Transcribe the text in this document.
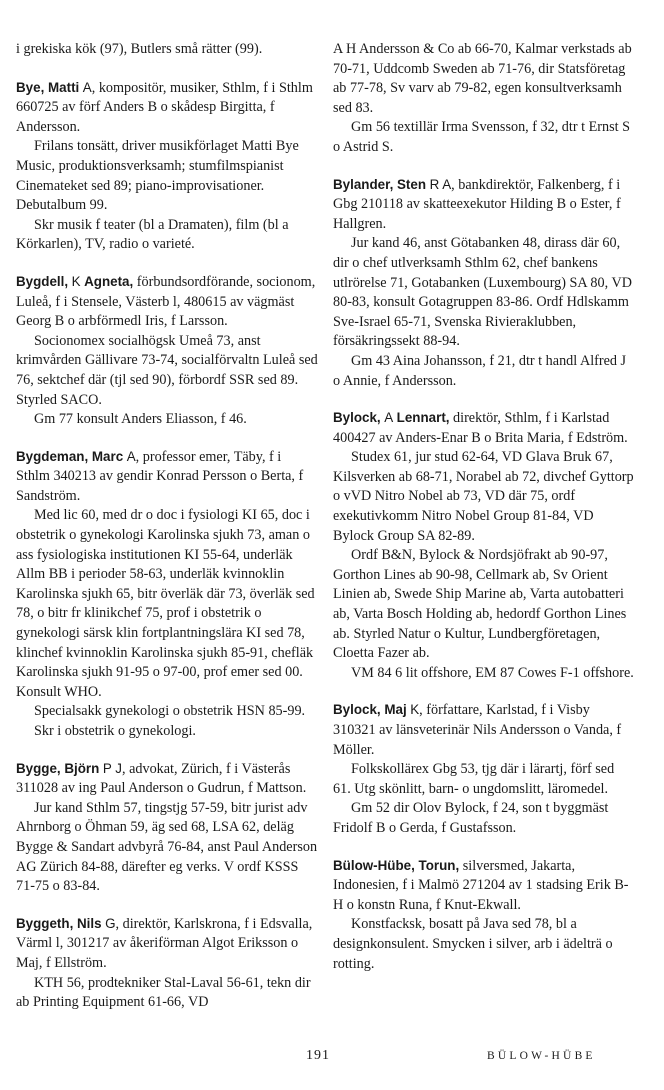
i grekiska kök (97), Butlers små rätter (99).

Bye, Matti A, kompositör, musiker, Sthlm, f i Sthlm 660725 av förf Anders B o skådesp Birgitta, f Andersson.

Frilans tonsätt, driver musikförlaget Matti Bye Music, produktionsverksamh; stumfilmspianist Cinemateket sed 89; piano-improvisationer. Debutalbum 99.

Skr musik f teater (bl a Dramaten), film (bl a Körkarlen), TV, radio o varieté.

Bygdell, K Agneta, förbundsordförande, socionom, Luleå, f i Stensele, Västerb l, 480615 av vägmäst Georg B o arbförmedl Iris, f Larsson.

Socionomex socialhögsk Umeå 73, anst krimvården Gällivare 73-74, socialförvaltn Luleå sed 76, sektchef där (tjl sed 90), förbordf SSR sed 89. Styrled SACO.

Gm 77 konsult Anders Eliasson, f 46.

Bygdeman, Marc A, professor emer, Täby, f i Sthlm 340213 av gendir Konrad Persson o Berta, f Sandström.

Med lic 60, med dr o doc i fysiologi KI 65, doc i obstetrik o gynekologi Karolinska sjukh 73, aman o ass fysiologiska institutionen KI 55-64, underläk Allm BB i perioder 58-63, underläk kvinnoklin Karolinska sjukh 65, bitr överläk där 73, överläk sed 78, o bitr fr klinikchef 75, prof i obstetrik o gynekologi särsk klin fortplantningslära KI sed 78, klinchef kvinnoklin Karolinska sjukh 85-91, chefläk Karolinska sjukh 91-95 o 97-00, prof emer sed 00. Konsult WHO.

Specialsakk gynekologi o obstetrik HSN 85-99.

Skr i obstetrik o gynekologi.

Bygge, Björn P J, advokat, Zürich, f i Västerås 311028 av ing Paul Anderson o Gudrun, f Mattson.

Jur kand Sthlm 57, tingstjg 57-59, bitr jurist adv Ahrnborg o Öhman 59, äg sed 68, LSA 62, deläg Bygge & Sandart advbyrå 76-84, anst Paul Anderson AG Zürich 84-88, därefter eg verks. V ordf KSSS 71-75 o 83-84.

Byggeth, Nils G, direktör, Karlskrona, f i Edsvalla, Värml l, 301217 av åkeriförman Algot Eriksson o Maj, f Ellström.

KTH 56, prodtekniker Stal-Laval 56-61, tekn dir ab Printing Equipment 61-66, VD

A H Andersson & Co ab 66-70, Kalmar verkstads ab 70-71, Uddcomb Sweden ab 71-76, dir Statsföretag ab 77-78, Sv varv ab 79-82, egen konsultverksamh sed 83.

Gm 56 textillär Irma Svensson, f 32, dtr t Ernst S o Astrid S.

Bylander, Sten R A, bankdirektör, Falkenberg, f i Gbg 210118 av skatteexekutor Hilding B o Ester, f Hallgren.

Jur kand 46, anst Götabanken 48, dirass där 60, dir o chef utlverksamh Sthlm 62, chef bankens utlrörelse 71, Gotabanken (Luxembourg) SA 80, VD 80-83, konsult Gotagruppen 83-86. Ordf Hdlskamm Sve-Israel 65-71, Svenska Rivieraklubben, försäkringssekt 88-94.

Gm 43 Aina Johansson, f 21, dtr t handl Alfred J o Annie, f Andersson.

Bylock, A Lennart, direktör, Sthlm, f i Karlstad 400427 av Anders-Enar B o Brita Maria, f Edström.

Studex 61, jur stud 62-64, VD Glava Bruk 67, Kilsverken ab 68-71, Norabel ab 72, divchef Gyttorp o vVD Nitro Nobel ab 73, VD där 75, ordf exekutivkomm Nitro Nobel Group 81-84, VD Bylock Group SA 82-89.

Ordf B&N, Bylock & Nordsjöfrakt ab 90-97, Gorthon Lines ab 90-98, Cellmark ab, Sv Orient Linien ab, Swede Ship Marine ab, Varta autobatteri ab, Varta Bosch Holding ab, hedordf Gorthon Lines ab. Styrled Natur o Kultur, Lundbergföretagen, Cloetta Fazer ab.

VM 84 6 lit offshore, EM 87 Cowes F-1 offshore.

Bylock, Maj K, författare, Karlstad, f i Visby 310321 av länsveterinär Nils Andersson o Vanda, f Möller.

Folkskollärex Gbg 53, tjg där i lärartj, förf sed 61. Utg skönlitt, barn- o ungdomslitt, läromedel.

Gm 52 dir Olov Bylock, f 24, son t byggmäst Fridolf B o Gerda, f Gustafsson.

Bülow-Hübe, Torun, silversmed, Jakarta, Indonesien, f i Malmö 271204 av 1 stadsing Erik B-H o konstn Runa, f Knut-Ekwall.

Konstfacksk, bosatt på Java sed 78, bl a designkonsulent. Smycken i silver, arb i ädelträ o rotting.

191	BÜLOW-HÜBE
